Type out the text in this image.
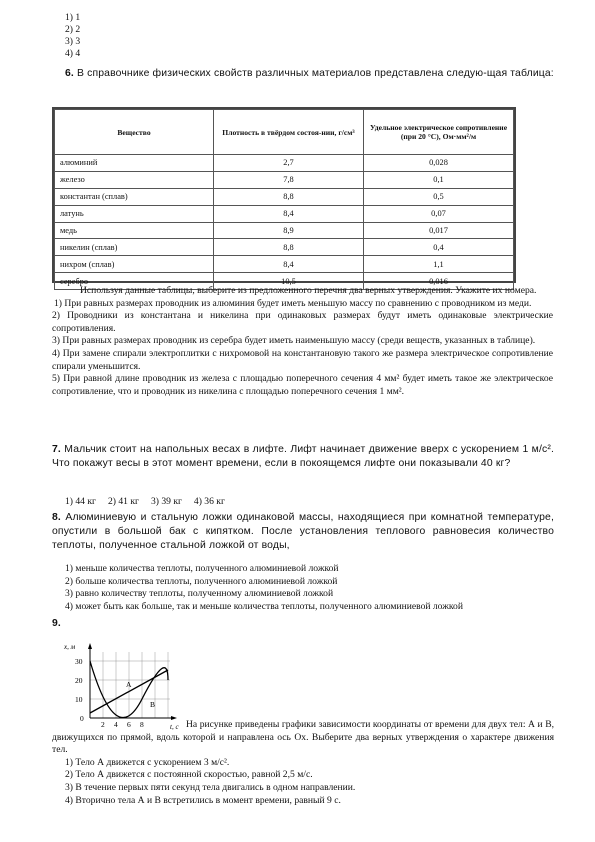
1) 1
2) 2
3) 3
4) 4
6. В справочнике физических свойств различных материалов представлена следую-щая таблица:
Вещество	Плотность в твёрдом состоя-нии, г/см³	Удельное электрическое сопротивление (при 20 °С), Ом·мм²/м
алюминий	2,7	0,028
железо	7,8	0,1
константан (сплав)	8,8	0,5
латунь	8,4	0,07
медь	8,9	0,017
никелин (сплав)	8,8	0,4
нихром (сплав)	8,4	1,1
серебро	10,5	0,016
Используя данные таблицы, выберите из предложенного перечня два верных утверждения. Укажите их номера.
1) При равных размерах проводник из алюминия будет иметь меньшую массу по сравнению с проводником из меди.
2) Проводники из константана и никелина при одинаковых размерах будут иметь одинаковые электрические сопротивления.
3) При равных размерах проводник из серебра будет иметь наименьшую массу (среди веществ, указанных в таблице).
4) При замене спирали электроплитки с нихромовой на константановую такого же размера электрическое сопротивление спирали уменьшится.
5) При равной длине проводник из железа с площадью поперечного сечения 4 мм² будет иметь такое же электрическое сопротивление, что и проводник из никелина с площадью поперечного сечения 1 мм².
7. Мальчик стоит на напольных весах в лифте. Лифт начинает движение вверх с ускорением 1 м/с². Что покажут весы в этот момент времени, если в покоящемся лифте они показывали 40 кг?
1) 44 кг     2) 41 кг     3) 39 кг     4) 36 кг
8. Алюминиевую и стальную ложки одинаковой массы, находящиеся при комнатной температуре, опустили в большой бак с кипятком. После установления теплового равновесия количество теплоты, полученное стальной ложкой от воды,
1) меньше количества теплоты, полученного алюминиевой ложкой
2) больше количества теплоты, полученного алюминиевой ложкой
3) равно количеству теплоты, полученному алюминиевой ложкой
4) может быть как больше, так и меньше количества теплоты, полученного алюминиевой ложкой
9.
x, м
t, с
30
20
10
0
2 4 6 8
A
B
На рисунке приведены графики зависимости координаты от времени для двух тел: А и В, движущихся по прямой, вдоль которой и направлена ось Ох. Выберите два верных утверждения о характере движения тел.
1) Тело А движется с ускорением 3 м/с².
2) Тело А движется с постоянной скоростью, равной 2,5 м/с.
3) В течение первых пяти секунд тела двигались в одном направлении.
4) Вторично тела А и В встретились в момент времени, равный 9 с.
